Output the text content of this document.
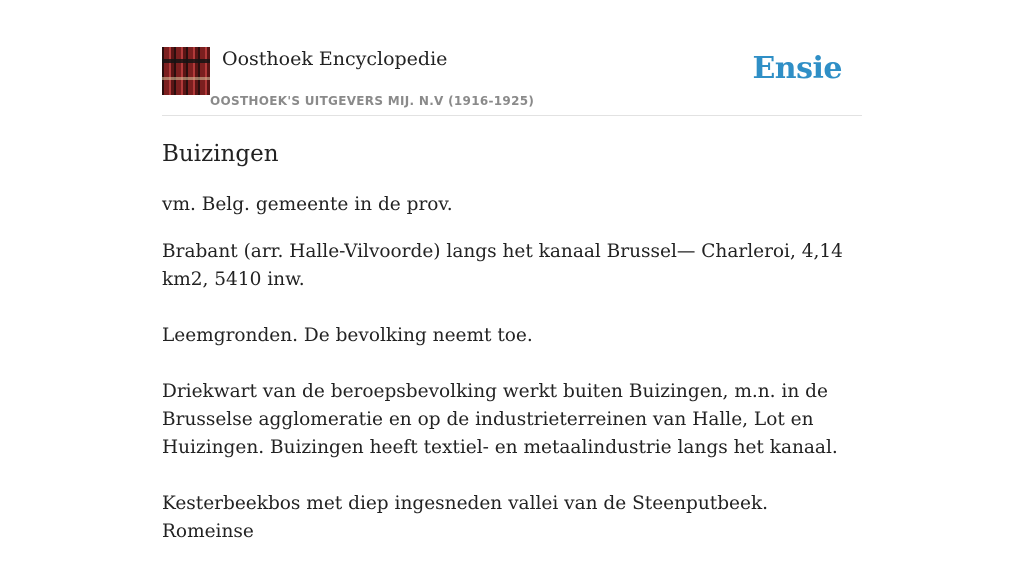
Oosthoek Encyclopedie
OOSTHOEK'S UITGEVERS MIJ. N.V (1916-1925)
Ensie
Buizingen

vm. Belg. gemeente in de prov.

Brabant (arr. Halle-Vilvoorde) langs het kanaal Brussel— Charleroi, 4,14 km2, 5410 inw.

Leemgronden. De bevolking neemt toe.

Driekwart van de beroepsbevolking werkt buiten Buizingen, m.n. in de Brusselse agglomeratie en op de industrieterreinen van Halle, Lot en Huizingen. Buizingen heeft textiel- en metaalindustrie langs het kanaal.

Kesterbeekbos met diep ingesneden vallei van de Steenputbeek. Romeinse
